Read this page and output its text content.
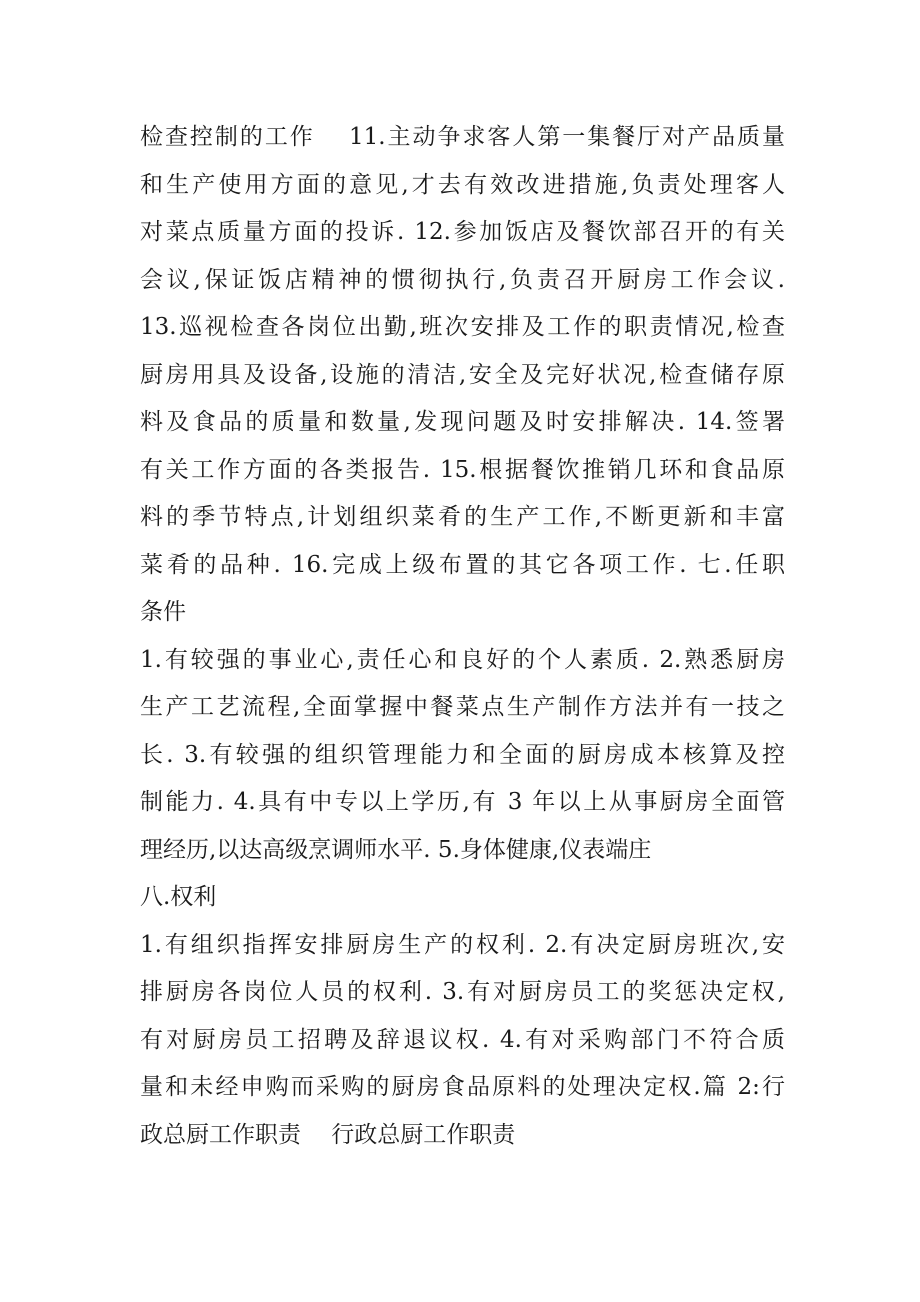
检查控制的工作　 11.主动争求客人第一集餐厅对产品质量
和生产使用方面的意见,才去有效改进措施,负责处理客人
对菜点质量方面的投诉. 12.参加饭店及餐饮部召开的有关
会议,保证饭店精神的惯彻执行,负责召开厨房工作会议.
13.巡视检查各岗位出勤,班次安排及工作的职责情况,检查
厨房用具及设备,设施的清洁,安全及完好状况,检查储存原
料及食品的质量和数量,发现问题及时安排解决. 14.签署
有关工作方面的各类报告. 15.根据餐饮推销几环和食品原
料的季节特点,计划组织菜肴的生产工作,不断更新和丰富
菜肴的品种. 16.完成上级布置的其它各项工作. 七.任职
条件
1.有较强的事业心,责任心和良好的个人素质. 2.熟悉厨房
生产工艺流程,全面掌握中餐菜点生产制作方法并有一技之
长. 3.有较强的组织管理能力和全面的厨房成本核算及控
制能力. 4.具有中专以上学历,有 3 年以上从事厨房全面管
理经历,以达高级烹调师水平. 5.身体健康,仪表端庄
八.权利
1.有组织指挥安排厨房生产的权利. 2.有决定厨房班次,安
排厨房各岗位人员的权利. 3.有对厨房员工的奖惩决定权,
有对厨房员工招聘及辞退议权. 4.有对采购部门不符合质
量和未经申购而采购的厨房食品原料的处理决定权.篇 2:行
政总厨工作职责　 行政总厨工作职责
